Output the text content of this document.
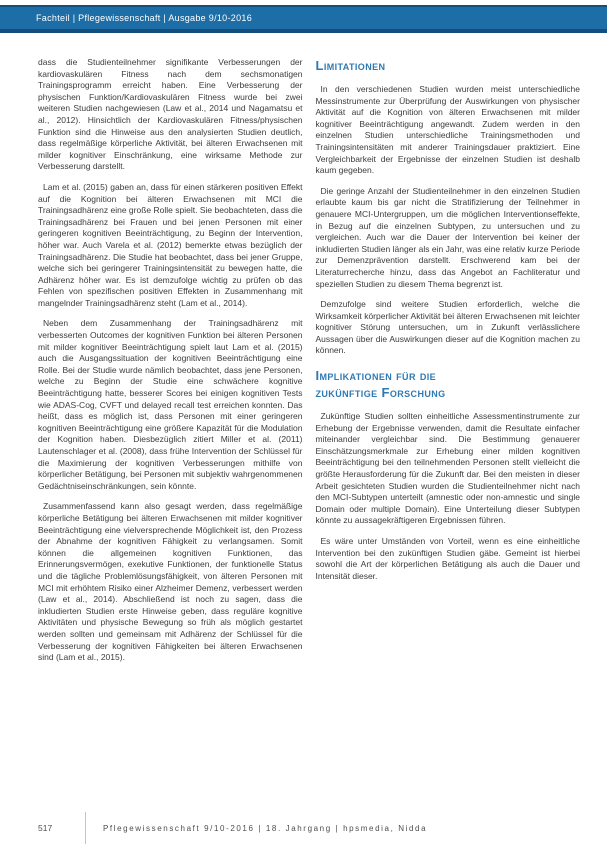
Fachteil | Pflegewissenschaft | Ausgabe 9/10-2016

dass die Studienteilnehmer signifikante Verbesserungen der kardiovaskulären Fitness nach dem sechsmonatigen Trainingsprogramm erreicht haben. Eine Verbesserung der physischen Funktion/Kardiovaskulären Fitness wurde bei zwei weiteren Studien nachgewiesen (Law et al., 2014 und Nagamatsu et al., 2012). Hinsichtlich der Kardiovaskulären Fitness/physischen Funktion sind die Hinweise aus den analysierten Studien deutlich, dass regelmäßige körperliche Aktivität, bei älteren Erwachsenen mit milder kognitiver Einschränkung, eine wirksame Methode zur Verbesserung darstellt.

Lam et al. (2015) gaben an, dass für einen stärkeren positiven Effekt auf die Kognition bei älteren Erwachsenen mit MCI die Trainingsadhärenz eine große Rolle spielt. Sie beobachteten, dass die Trainingsadhärenz bei Frauen und bei jenen Personen mit einer geringeren kognitiven Beeinträchtigung, zu Beginn der Intervention, höher war. Auch Varela et al. (2012) bemerkte etwas bezüglich der Trainingsadhärenz. Die Studie hat beobachtet, dass bei jener Gruppe, welche sich bei geringerer Trainingsintensität zu bewegen hatte, die Adhärenz höher war. Es ist demzufolge wichtig zu prüfen ob das Fehlen von spezifischen positiven Effekten in Zusammenhang mit mangelnder Trainingsadhärenz steht (Lam et al., 2014).

Neben dem Zusammenhang der Trainingsadhärenz mit verbesserten Outcomes der kognitiven Funktion bei älteren Personen mit milder kognitiver Beeinträchtigung spielt laut Lam et al. (2015) auch die Ausgangssituation der kognitiven Beeinträchtigung eine Rolle. Bei der Studie wurde nämlich beobachtet, dass jene Personen, welche zu Beginn der Studie eine schwächere kognitive Beeinträchtigung hatte, besserer Scores bei einigen kognitiven Tests wie ADAS-Cog, CVFT und delayed recall test erreichen konnten. Das heißt, dass es möglich ist, dass Personen mit einer geringeren kognitiven Beeinträchtigung eine größere Kapazität für die Modulation der Kognition haben. Diesbezüglich zitiert Miller et al. (2011) Lautenschlager et al. (2008), dass frühe Intervention der Schlüssel für die Maximierung der kognitiven Verbesserungen mithilfe von körperlicher Betätigung, bei Personen mit subjektiv wahrgenommenen Gedächtniseinschränkungen, sein könnte.

Zusammenfassend kann also gesagt werden, dass regelmäßige körperliche Betätigung bei älteren Erwachsenen mit milder kognitiver Beeinträchtigung eine vielversprechende Möglichkeit ist, den Prozess der Abnahme der kognitiven Fähigkeit zu verlangsamen. Somit können die allgemeinen kognitiven Funktionen, das Erinnerungsvermögen, exekutive Funktionen, der funktionelle Status und die tägliche Problemlösungsfähigkeit, von älteren Personen mit MCI mit erhöhtem Risiko einer Alzheimer Demenz, verbessert werden (Law et al., 2014). Abschließend ist noch zu sagen, dass die inkludierten Studien erste Hinweise geben, dass reguläre kognitive Aktivitäten und physische Bewegung so früh als möglich gestartet werden sollten und gemeinsam mit Adhärenz der Schlüssel für die Verbesserung der kognitiven Fähigkeiten bei älteren Erwachsenen sind (Lam et al., 2015).

Limitationen

In den verschiedenen Studien wurden meist unterschiedliche Messinstrumente zur Überprüfung der Auswirkungen von physischer Aktivität auf die Kognition von älteren Erwachsenen mit milder kognitiver Beeinträchtigung angewandt. Zudem werden in den einzelnen Studien unterschiedliche Trainingsmethoden und Trainingsintensitäten mit anderer Trainingsdauer praktiziert. Eine Vergleichbarkeit der Ergebnisse der einzelnen Studien ist deshalb kaum gegeben.

Die geringe Anzahl der Studienteilnehmer in den einzelnen Studien erlaubte kaum bis gar nicht die Stratifizierung der Teilnehmer in genauere MCI-Untergruppen, um die möglichen Interventionseffekte, in Bezug auf die einzelnen Subtypen, zu untersuchen und zu vergleichen. Auch war die Dauer der Intervention bei keiner der inkludierten Studien länger als ein Jahr, was eine relativ kurze Periode zur Demenzprävention darstellt. Erschwerend kam bei der Literaturrecherche hinzu, dass das Angebot an Fachliteratur und speziellen Studien zu diesem Thema begrenzt ist.

Demzufolge sind weitere Studien erforderlich, welche die Wirksamkeit körperlicher Aktivität bei älteren Erwachsenen mit leichter kognitiver Störung untersuchen, um in Zukunft verlässlichere Aussagen über die Auswirkungen dieser auf die Kognition machen zu können.

Implikationen für die zukünftige Forschung

Zukünftige Studien sollten einheitliche Assessmentinstrumente zur Erhebung der Ergebnisse verwenden, damit die Resultate einfacher miteinander vergleichbar sind. Die Bestimmung genauerer Einschätzungsmerkmale zur Erhebung einer milden kognitiven Beeinträchtigung bei den teilnehmenden Personen stellt vielleicht die größte Herausforderung für die Zukunft dar. Bei den meisten in dieser Arbeit gesichteten Studien wurden die Studienteilnehmer nicht nach den MCI-Subtypen unterteilt (amnestic oder non-amnestic und single Domain oder multiple Domain). Eine Unterteilung dieser Subtypen könnte zu aussagekräftigeren Ergebnissen führen.

Es wäre unter Umständen von Vorteil, wenn es eine einheitliche Intervention bei den zukünftigen Studien gäbe. Gemeint ist hierbei sowohl die Art der körperlichen Betätigung als auch die Dauer und Intensität dieser.

517	Pflegewissenschaft 9/10-2016 | 18. Jahrgang | hpsmedia, Nidda
